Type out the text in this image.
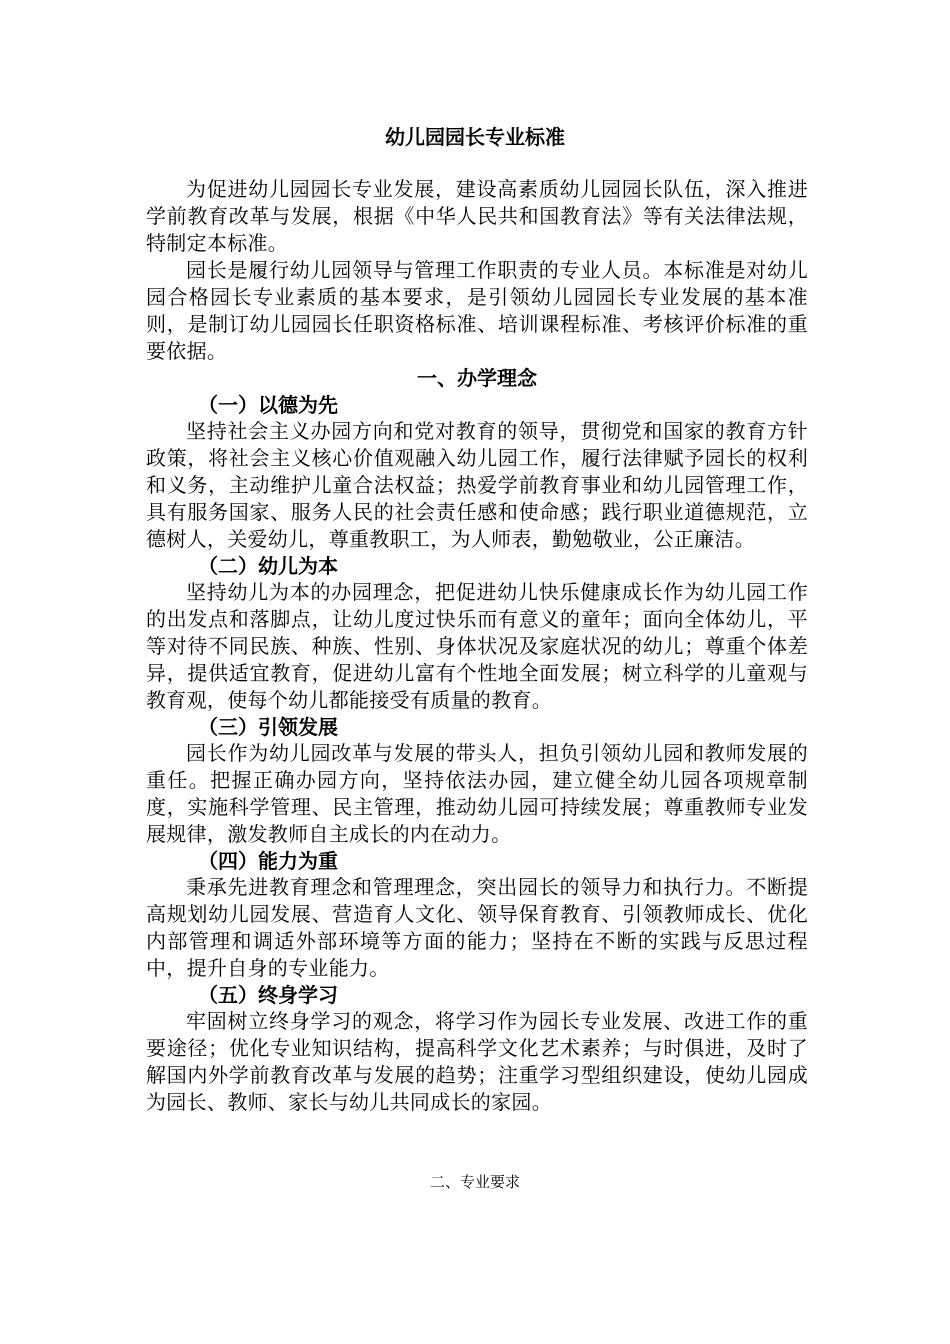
幼儿园园长专业标准

为促进幼儿园园长专业发展，建设高素质幼儿园园长队伍，深入推进学前教育改革与发展，根据《中华人民共和国教育法》等有关法律法规，特制定本标准。

园长是履行幼儿园领导与管理工作职责的专业人员。本标准是对幼儿园合格园长专业素质的基本要求，是引领幼儿园园长专业发展的基本准则，是制订幼儿园园长任职资格标准、培训课程标准、考核评价标准的重要依据。

一、办学理念
（一）以德为先

坚持社会主义办园方向和党对教育的领导，贯彻党和国家的教育方针政策，将社会主义核心价值观融入幼儿园工作，履行法律赋予园长的权利和义务，主动维护儿童合法权益；热爱学前教育事业和幼儿园管理工作，具有服务国家、服务人民的社会责任感和使命感；践行职业道德规范，立德树人，关爱幼儿，尊重教职工，为人师表，勤勉敬业，公正廉洁。

（二）幼儿为本

坚持幼儿为本的办园理念，把促进幼儿快乐健康成长作为幼儿园工作的出发点和落脚点，让幼儿度过快乐而有意义的童年；面向全体幼儿，平等对待不同民族、种族、性别、身体状况及家庭状况的幼儿；尊重个体差异，提供适宜教育，促进幼儿富有个性地全面发展；树立科学的儿童观与教育观，使每个幼儿都能接受有质量的教育。

（三）引领发展

园长作为幼儿园改革与发展的带头人，担负引领幼儿园和教师发展的重任。把握正确办园方向，坚持依法办园，建立健全幼儿园各项规章制度，实施科学管理、民主管理，推动幼儿园可持续发展；尊重教师专业发展规律，激发教师自主成长的内在动力。

（四）能力为重

秉承先进教育理念和管理理念，突出园长的领导力和执行力。不断提高规划幼儿园发展、营造育人文化、领导保育教育、引领教师成长、优化内部管理和调适外部环境等方面的能力；坚持在不断的实践与反思过程中，提升自身的专业能力。

（五）终身学习

牢固树立终身学习的观念，将学习作为园长专业发展、改进工作的重要途径；优化专业知识结构，提高科学文化艺术素养；与时俱进，及时了解国内外学前教育改革与发展的趋势；注重学习型组织建设，使幼儿园成为园长、教师、家长与幼儿共同成长的家园。

二、专业要求
